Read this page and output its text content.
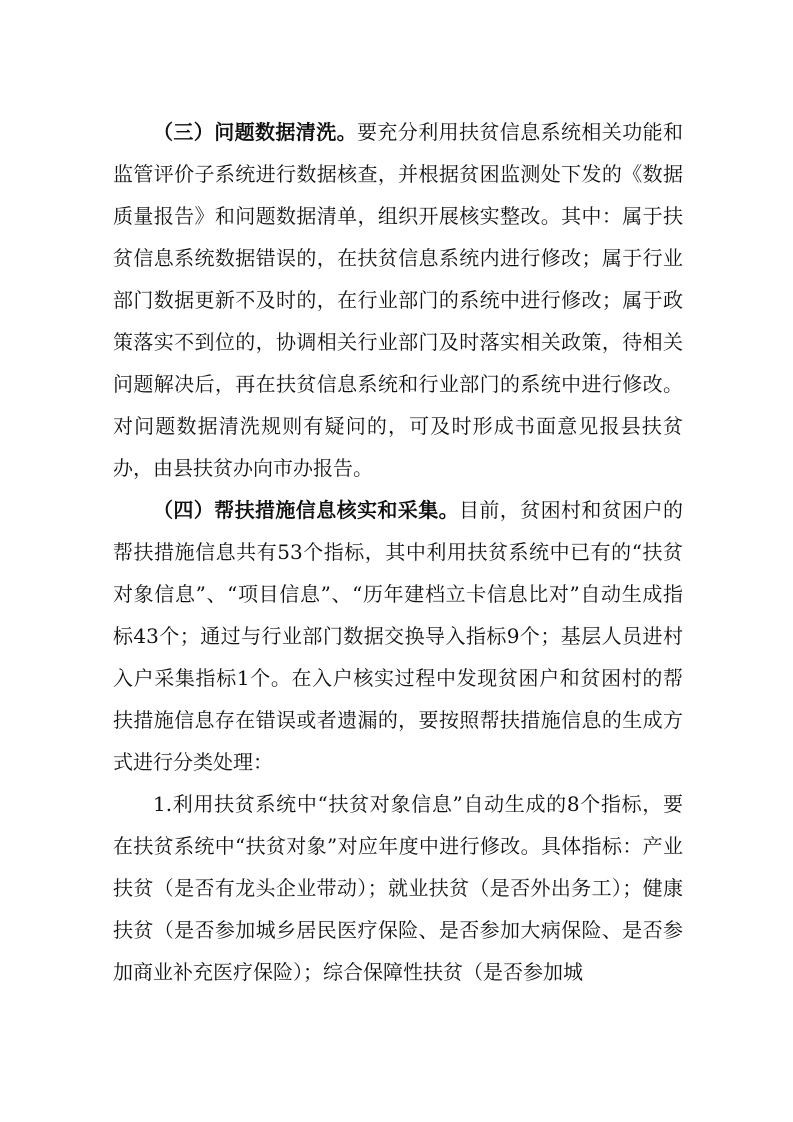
（三）问题数据清洗。要充分利用扶贫信息系统相关功能和监管评价子系统进行数据核查，并根据贫困监测处下发的《数据质量报告》和问题数据清单，组织开展核实整改。其中：属于扶贫信息系统数据错误的，在扶贫信息系统内进行修改；属于行业部门数据更新不及时的，在行业部门的系统中进行修改；属于政策落实不到位的，协调相关行业部门及时落实相关政策，待相关问题解决后，再在扶贫信息系统和行业部门的系统中进行修改。对问题数据清洗规则有疑问的，可及时形成书面意见报县扶贫办，由县扶贫办向市办报告。

（四）帮扶措施信息核实和采集。目前，贫困村和贫困户的帮扶措施信息共有53个指标，其中利用扶贫系统中已有的“扶贫对象信息”、“项目信息”、“历年建档立卡信息比对”自动生成指标43个；通过与行业部门数据交换导入指标9个；基层人员进村入户采集指标1个。在入户核实过程中发现贫困户和贫困村的帮扶措施信息存在错误或者遗漏的，要按照帮扶措施信息的生成方式进行分类处理：

1.利用扶贫系统中“扶贫对象信息”自动生成的8个指标，要在扶贫系统中“扶贫对象”对应年度中进行修改。具体指标：产业扶贫（是否有龙头企业带动）；就业扶贫（是否外出务工）；健康扶贫（是否参加城乡居民医疗保险、是否参加大病保险、是否参加商业补充医疗保险）；综合保障性扶贫（是否参加城
